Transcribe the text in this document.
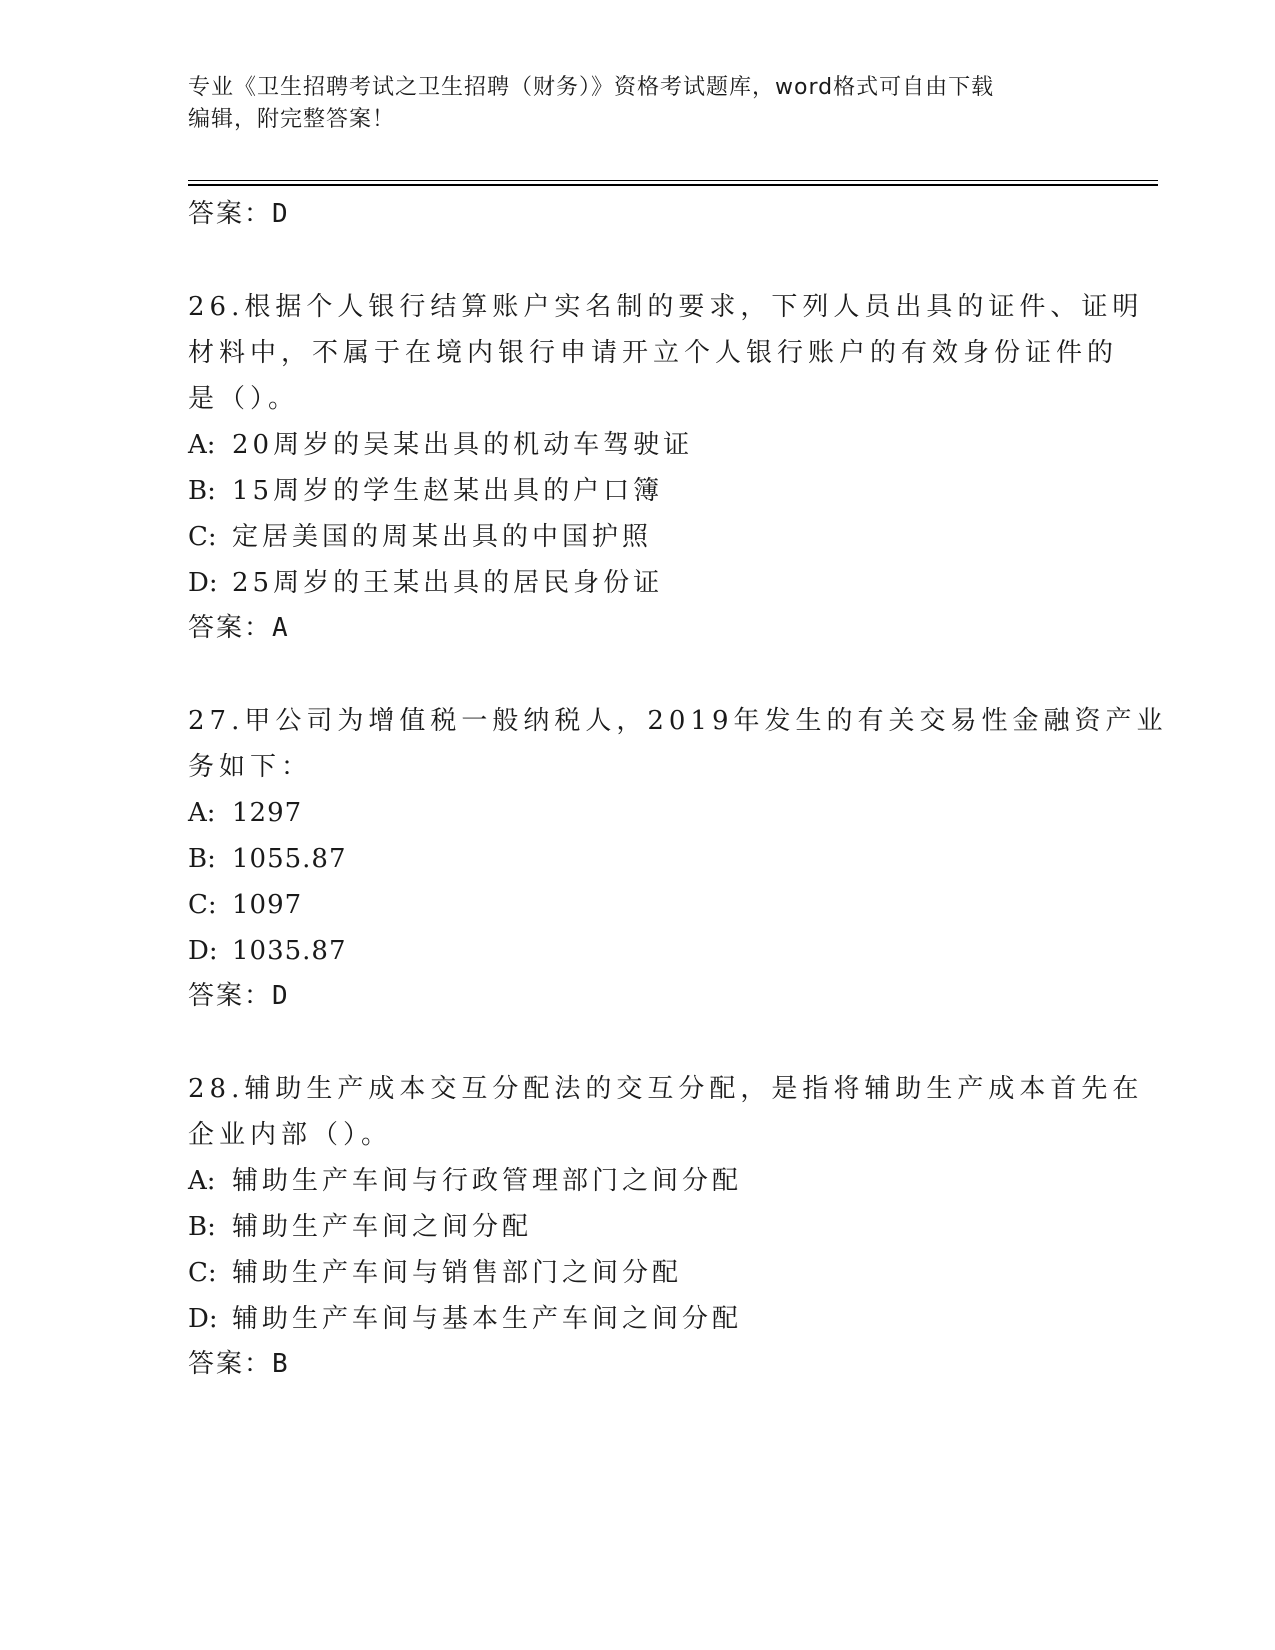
专业《卫生招聘考试之卫生招聘（财务）》资格考试题库，word格式可自由下载
编辑，附完整答案！
答案：D
26.根据个人银行结算账户实名制的要求，下列人员出具的证件、证明
材料中，不属于在境内银行申请开立个人银行账户的有效身份证件的
是（）。
A: 20周岁的吴某出具的机动车驾驶证
B: 15周岁的学生赵某出具的户口簿
C: 定居美国的周某出具的中国护照
D: 25周岁的王某出具的居民身份证
答案：A
27.甲公司为增值税一般纳税人，2019年发生的有关交易性金融资产业
务如下：
A: 1297
B: 1055.87
C: 1097
D: 1035.87
答案：D
28.辅助生产成本交互分配法的交互分配，是指将辅助生产成本首先在
企业内部（）。
A: 辅助生产车间与行政管理部门之间分配
B: 辅助生产车间之间分配
C: 辅助生产车间与销售部门之间分配
D: 辅助生产车间与基本生产车间之间分配
答案：B
